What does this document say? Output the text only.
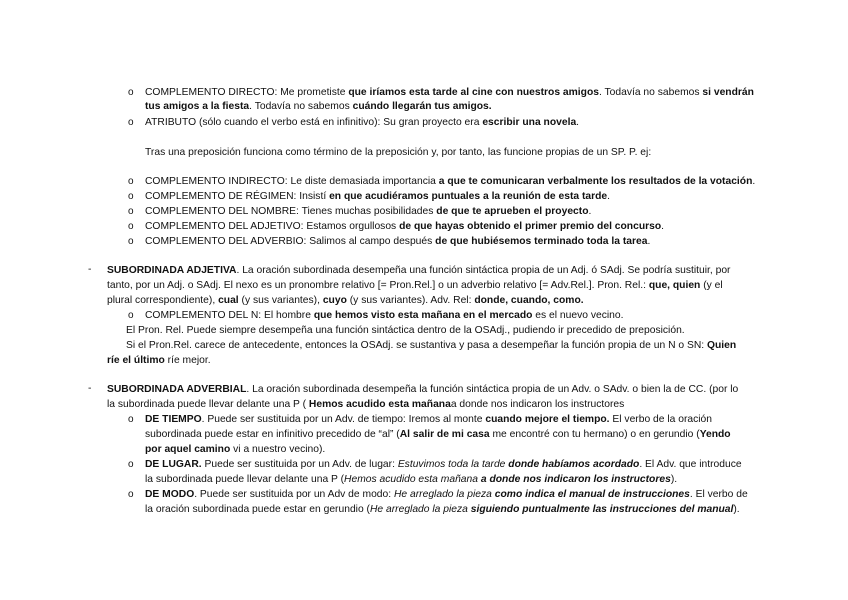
o COMPLEMENTO DIRECTO: Me prometiste que iríamos esta tarde al cine con nuestros amigos. Todavía no sabemos si vendrán
tus amigos a la fiesta. Todavía no sabemos cuándo llegarán tus amigos.
o ATRIBUTO (sólo cuando el verbo está en infinitivo): Su gran proyecto era escribir una novela.
Tras una preposición funciona como término de la preposición y, por tanto, las funcione propias de un SP. P. ej:
o COMPLEMENTO INDIRECTO: Le diste demasiada importancia a que te comunicaran verbalmente los resultados de la votación.
o COMPLEMENTO DE RÉGIMEN: Insistí en que acudiéramos puntuales a la reunión de esta tarde.
o COMPLEMENTO DEL NOMBRE: Tienes muchas posibilidades de que te aprueben el proyecto.
o COMPLEMENTO DEL ADJETIVO: Estamos orgullosos de que hayas obtenido el primer premio del concurso.
o COMPLEMENTO DEL ADVERBIO: Salimos al campo después de que hubiésemos terminado toda la tarea.
- SUBORDINADA ADJETIVA. La oración subordinada desempeña una función sintáctica propia de un Adj. ó SAdj. Se podría sustituir, por
tanto, por un Adj. o SAdj. El nexo es un pronombre relativo [= Pron.Rel.] o un adverbio relativo [= Adv.Rel.]. Pron. Rel.: que, quien (y el
plural correspondiente), cual (y sus variantes), cuyo (y sus variantes). Adv. Rel: donde, cuando, como.
o COMPLEMENTO DEL N: El hombre que hemos visto esta mañana en el mercado es el nuevo vecino.
El Pron. Rel. Puede siempre desempeña una función sintáctica dentro de la OSAdj., pudiendo ir precedido de preposición.
Si el Pron.Rel. carece de antecedente, entonces la OSAdj. se sustantiva y pasa a desempeñar la función propia de un N o SN: Quien
ríe el último ríe mejor.
- SUBORDINADA ADVERBIAL. La oración subordinada desempeña la función sintáctica propia de un Adv. o SAdv. o bien la de CC. (por lo
la subordinada puede llevar delante una P ( Hemos acudido esta mañanaa donde nos indicaron los instructores
o DE TIEMPO. Puede ser sustituida por un Adv. de tiempo: Iremos al monte cuando mejore el tiempo. El verbo de la oración
subordinada puede estar en infinitivo precedido de “al” (Al salir de mi casa me encontré con tu hermano) o en gerundio (Yendo
por aquel camino vi a nuestro vecino).
o DE LUGAR. Puede ser sustituida por un Adv. de lugar: Estuvimos toda la tarde donde habíamos acordado. El Adv. que introduce
la subordinada puede llevar delante una P (Hemos acudido esta mañana a donde nos indicaron los instructores).
o DE MODO. Puede ser sustituida por un Adv de modo: He arreglado la pieza como indica el manual de instrucciones. El verbo de
la oración subordinada puede estar en gerundio (He arreglado la pieza siguiendo puntualmente las instrucciones del manual).
